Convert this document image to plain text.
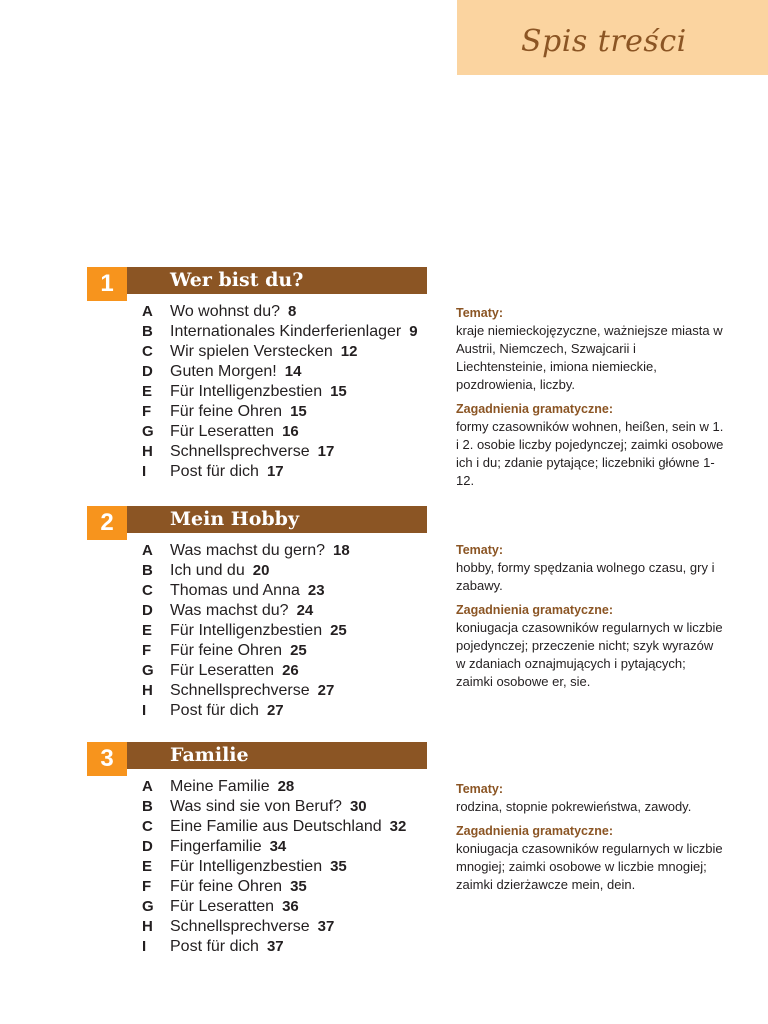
Spis treści
Wer bist du?
1
A Wo wohnst du? 8
B Internationales Kinderferienlager 9
C Wir spielen Verstecken 12
D Guten Morgen! 14
E Für Intelligenzbestien 15
F Für feine Ohren 15
G Für Leseratten 16
H Schnellsprechverse 17
I Post für dich 17

Tematy:

kraje niemieckojęzyczne, ważniejsze miasta w Austrii, Niemczech, Szwajcarii i Liechtensteinie, imiona niemieckie, pozdrowienia, liczby.

Zagadnienia gramatyczne:

formy czasowników wohnen, heißen, sein w 1. i 2. osobie liczby pojedynczej; zaimki osobowe ich i du; zdanie pytające; liczebniki główne 1-12.

Mein Hobby
2
A Was machst du gern? 18
B Ich und du 20
C Thomas und Anna 23
D Was machst du? 24
E Für Intelligenzbestien 25
F Für feine Ohren 25
G Für Leseratten 26
H Schnellsprechverse 27
I Post für dich 27

Tematy:

hobby, formy spędzania wolnego czasu, gry i zabawy.

Zagadnienia gramatyczne:

koniugacja czasowników regularnych w liczbie pojedynczej; przeczenie nicht; szyk wyrazów w zdaniach oznajmujących i pytających; zaimki osobowe er, sie.

Familie
3
A Meine Familie 28
B Was sind sie von Beruf? 30
C Eine Familie aus Deutschland 32
D Fingerfamilie 34
E Für Intelligenzbestien 35
F Für feine Ohren 35
G Für Leseratten 36
H Schnellsprechverse 37
I Post für dich 37

Tematy:

rodzina, stopnie pokrewieństwa, zawody.

Zagadnienia gramatyczne:

koniugacja czasowników regularnych w liczbie mnogiej; zaimki osobowe w liczbie mnogiej; zaimki dzierżawcze mein, dein.
